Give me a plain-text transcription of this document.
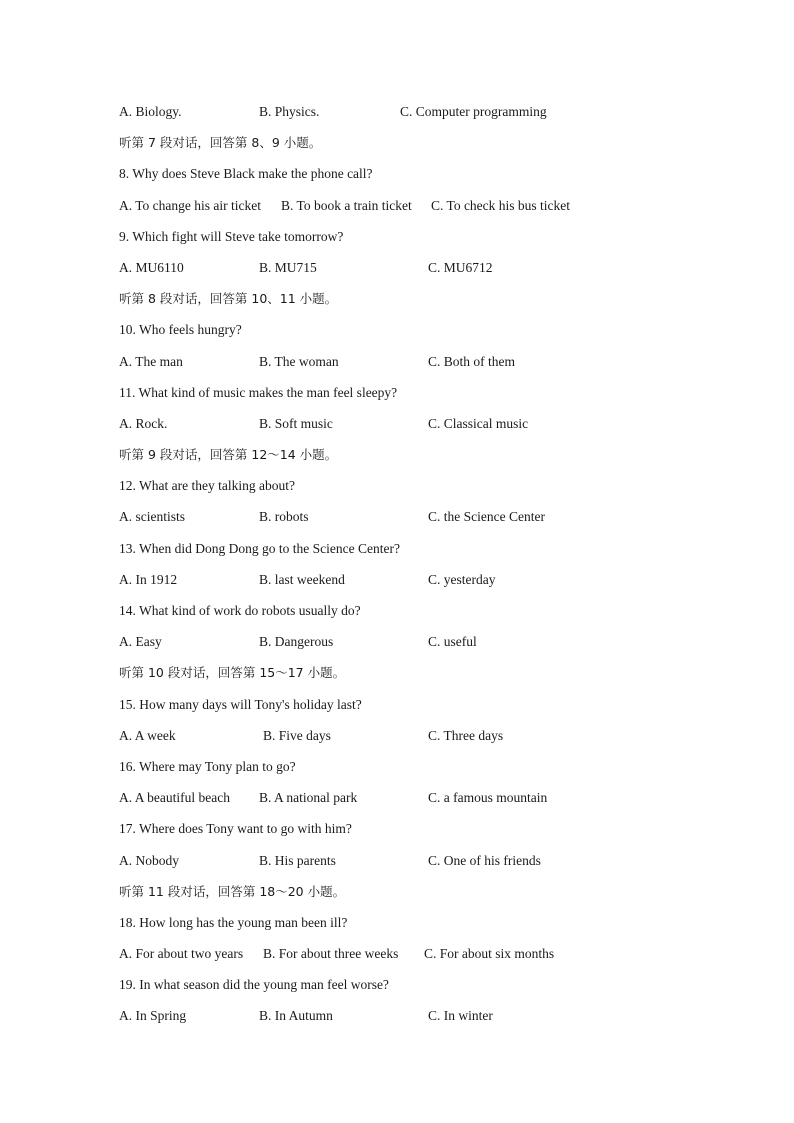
A. Biology.	B. Physics.	C. Computer programming
听第 7 段对话，回答第 8、9 小题。
8. Why does Steve Black make the phone call?
A. To change his air ticket B. To book a train ticket C. To check his bus ticket
9. Which fight will Steve take tomorrow?
A. MU6110	B. MU715	C. MU6712
听第 8 段对话，回答第 10、11 小题。
10. Who feels hungry?
A. The man	B. The woman	C. Both of them
11. What kind of music makes the man feel sleepy?
A. Rock.	B. Soft music	C. Classical music
听第 9 段对话，回答第 12～14 小题。
12. What are they talking about?
A. scientists	B. robots	C. the Science Center
13. When did Dong Dong go to the Science Center?
A. In 1912	B. last weekend	C. yesterday
14. What kind of work do robots usually do?
A. Easy	B. Dangerous	C. useful
听第 10 段对话，回答第 15～17 小题。
15. How many days will Tony's holiday last?
A. A week	B. Five days	C. Three days
16. Where may Tony plan to go?
A. A beautiful beach B. A national park	C. a famous mountain
17. Where does Tony want to go with him?
A. Nobody	B. His parents	C. One of his friends
听第 11 段对话，回答第 18～20 小题。
18. How long has the young man been ill?
A. For about two years B. For about three weeks C. For about six months
19. In what season did the young man feel worse?
A. In Spring	B. In Autumn	C. In winter
